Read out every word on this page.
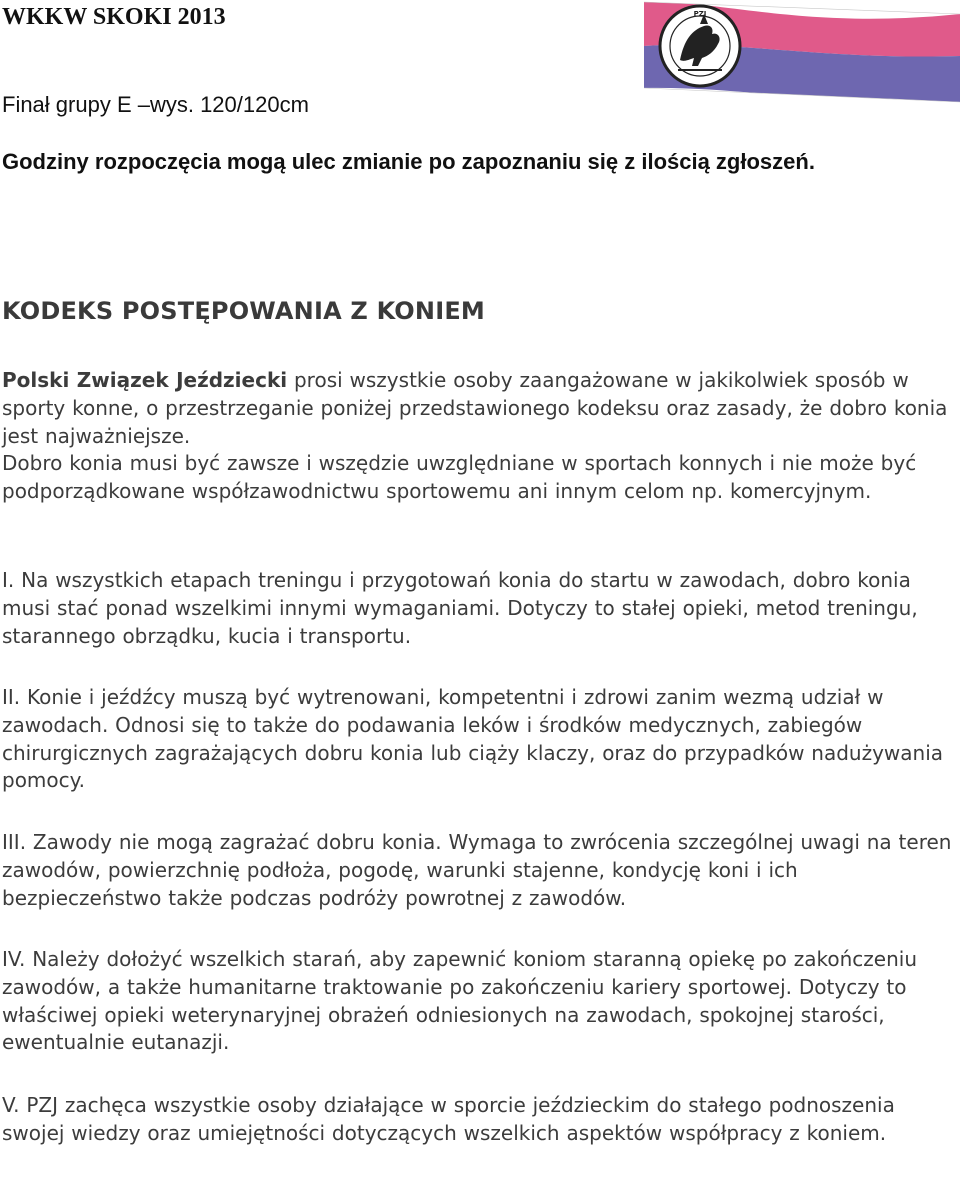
WKKW SKOKI 2013	PZJ

Finał grupy E –wys. 120/120cm

Godziny rozpoczęcia mogą ulec zmianie po zapoznaniu się z ilością zgłoszeń.

KODEKS POSTĘPOWANIA Z KONIEM
Polski Związek Jeździecki prosi wszystkie osoby zaangażowane w jakikolwiek sposób w sporty konne, o przestrzeganie poniżej przedstawionego kodeksu oraz zasady, że dobro konia jest najważniejsze.
Dobro konia musi być zawsze i wszędzie uwzględniane w sportach konnych i nie może być podporządkowane współzawodnictwu sportowemu ani innym celom np. komercyjnym.

I. Na wszystkich etapach treningu i przygotowań konia do startu w zawodach, dobro konia musi stać ponad wszelkimi innymi wymaganiami. Dotyczy to stałej opieki, metod treningu, starannego obrządku, kucia i transportu.

II. Konie i jeźdźcy muszą być wytrenowani, kompetentni i zdrowi zanim wezmą udział w zawodach. Odnosi się to także do podawania leków i środków medycznych, zabiegów chirurgicznych zagrażających dobru konia lub ciąży klaczy, oraz do przypadków nadużywania pomocy.

III. Zawody nie mogą zagrażać dobru konia. Wymaga to zwrócenia szczególnej uwagi na teren zawodów, powierzchnię podłoża, pogodę, warunki stajenne, kondycję koni i ich bezpieczeństwo także podczas podróży powrotnej z zawodów.

IV. Należy dołożyć wszelkich starań, aby zapewnić koniom staranną opiekę po zakończeniu zawodów, a także humanitarne traktowanie po zakończeniu kariery sportowej. Dotyczy to właściwej opieki weterynaryjnej obrażeń odniesionych na zawodach, spokojnej starości, ewentualnie eutanazji.

V. PZJ zachęca wszystkie osoby działające w sporcie jeździeckim do stałego podnoszenia swojej wiedzy oraz umiejętności dotyczących wszelkich aspektów współpracy z koniem.
